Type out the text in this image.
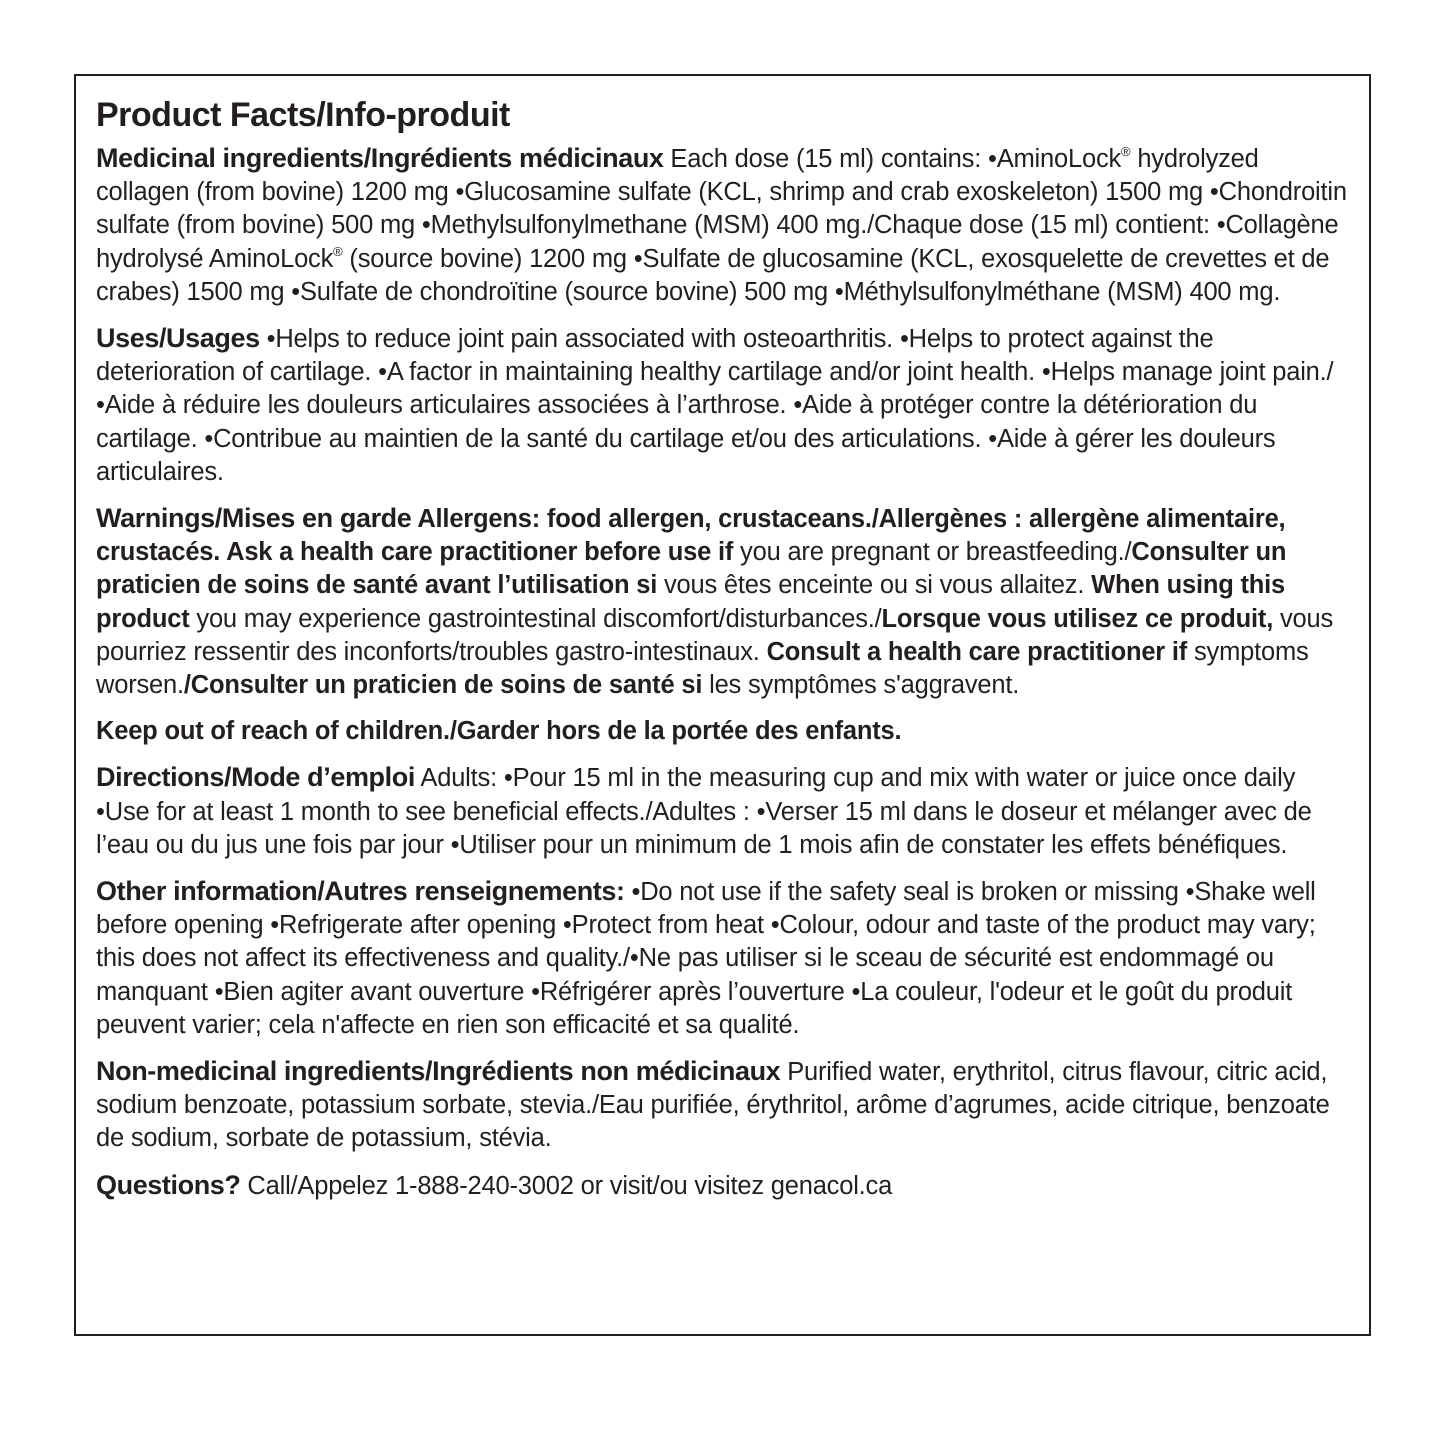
Product Facts/Info-produit

Medicinal ingredients/Ingrédients médicinaux Each dose (15 ml) contains: •AminoLock® hydrolyzed collagen (from bovine) 1200 mg •Glucosamine sulfate (KCL, shrimp and crab exoskeleton) 1500 mg •Chondroitin sulfate (from bovine) 500 mg •Methylsulfonylmethane (MSM) 400 mg./Chaque dose (15 ml) contient: •Collagène hydrolysé AminoLock® (source bovine) 1200 mg •Sulfate de glucosamine (KCL, exosquelette de crevettes et de crabes) 1500 mg •Sulfate de chondroïtine (source bovine) 500 mg •Méthylsulfonylméthane (MSM) 400 mg.

Uses/Usages •Helps to reduce joint pain associated with osteoarthritis. •Helps to protect against the deterioration of cartilage. •A factor in maintaining healthy cartilage and/or joint health. •Helps manage joint pain./•Aide à réduire les douleurs articulaires associées à l’arthrose. •Aide à protéger contre la détérioration du cartilage. •Contribue au maintien de la santé du cartilage et/ou des articulations. •Aide à gérer les douleurs articulaires.

Warnings/Mises en garde Allergens: food allergen, crustaceans./Allergènes : allergène alimentaire, crustacés. Ask a health care practitioner before use if you are pregnant or breastfeeding./Consulter un praticien de soins de santé avant l’utilisation si vous êtes enceinte ou si vous allaitez. When using this product you may experience gastrointestinal discomfort/disturbances./Lorsque vous utilisez ce produit, vous pourriez ressentir des inconforts/troubles gastro-intestinaux. Consult a health care practitioner if symptoms worsen./Consulter un praticien de soins de santé si les symptômes s'aggravent.

Keep out of reach of children./Garder hors de la portée des enfants.

Directions/Mode d’emploi Adults: •Pour 15 ml in the measuring cup and mix with water or juice once daily •Use for at least 1 month to see beneficial effects./Adultes : •Verser 15 ml dans le doseur et mélanger avec de l’eau ou du jus une fois par jour •Utiliser pour un minimum de 1 mois afin de constater les effets bénéfiques.

Other information/Autres renseignements: •Do not use if the safety seal is broken or missing •Shake well before opening •Refrigerate after opening •Protect from heat •Colour, odour and taste of the product may vary; this does not affect its effectiveness and quality./•Ne pas utiliser si le sceau de sécurité est endommagé ou manquant •Bien agiter avant ouverture •Réfrigérer après l’ouverture •La couleur, l'odeur et le goût du produit peuvent varier; cela n'affecte en rien son efficacité et sa qualité.

Non-medicinal ingredients/Ingrédients non médicinaux Purified water, erythritol, citrus flavour, citric acid, sodium benzoate, potassium sorbate, stevia./Eau purifiée, érythritol, arôme d’agrumes, acide citrique, benzoate de sodium, sorbate de potassium, stévia.

Questions? Call/Appelez 1-888-240-3002 or visit/ou visitez genacol.ca
